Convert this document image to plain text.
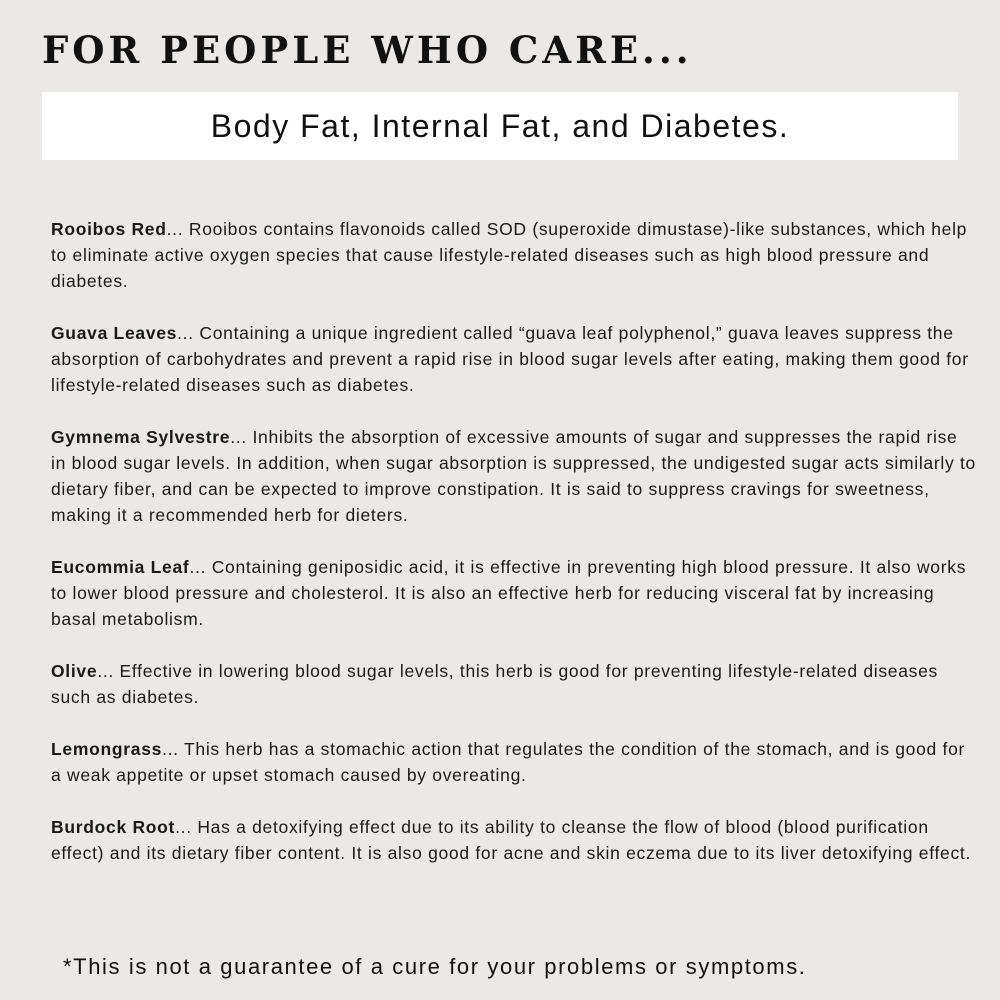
FOR PEOPLE WHO CARE...
Body Fat, Internal Fat, and Diabetes.

Rooibos Red... Rooibos contains flavonoids called SOD (superoxide dimustase)-like substances, which help to eliminate active oxygen species that cause lifestyle-related diseases such as high blood pressure and diabetes.

Guava Leaves... Containing a unique ingredient called “guava leaf polyphenol,” guava leaves suppress the absorption of carbohydrates and prevent a rapid rise in blood sugar levels after eating, making them good for lifestyle-related diseases such as diabetes.

Gymnema Sylvestre... Inhibits the absorption of excessive amounts of sugar and suppresses the rapid rise in blood sugar levels. In addition, when sugar absorption is suppressed, the undigested sugar acts similarly to dietary fiber, and can be expected to improve constipation. It is said to suppress cravings for sweetness, making it a recommended herb for dieters.

Eucommia Leaf... Containing geniposidic acid, it is effective in preventing high blood pressure. It also works to lower blood pressure and cholesterol. It is also an effective herb for reducing visceral fat by increasing basal metabolism.

Olive... Effective in lowering blood sugar levels, this herb is good for preventing lifestyle-related diseases such as diabetes.

Lemongrass... This herb has a stomachic action that regulates the condition of the stomach, and is good for a weak appetite or upset stomach caused by overeating.

Burdock Root... Has a detoxifying effect due to its ability to cleanse the flow of blood (blood purification effect) and its dietary fiber content. It is also good for acne and skin eczema due to its liver detoxifying effect.

*This is not a guarantee of a cure for your problems or symptoms.
